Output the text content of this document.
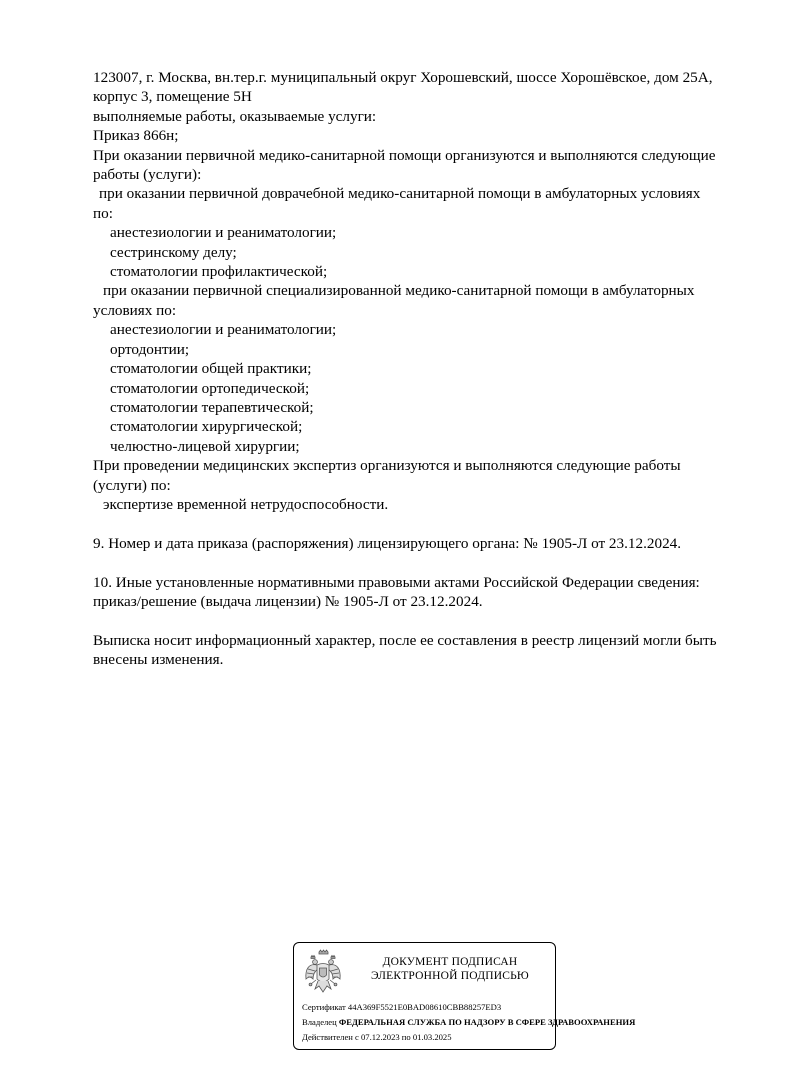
123007, г. Москва, вн.тер.г. муниципальный округ Хорошевский, шоссе Хорошёвское, дом 25А,
корпус 3, помещение 5Н
выполняемые работы, оказываемые услуги:
Приказ 866н;
При оказании первичной медико-санитарной помощи организуются и выполняются следующие
работы (услуги):
при оказании первичной доврачебной медико-санитарной помощи в амбулаторных условиях
по:
анестезиологии и реаниматологии;
сестринскому делу;
стоматологии профилактической;
при оказании первичной специализированной медико-санитарной помощи в амбулаторных
условиях по:
анестезиологии и реаниматологии;
ортодонтии;
стоматологии общей практики;
стоматологии ортопедической;
стоматологии терапевтической;
стоматологии хирургической;
челюстно-лицевой хирургии;
При проведении медицинских экспертиз организуются и выполняются следующие работы
(услуги) по:
экспертизе временной нетрудоспособности.
9. Номер и дата приказа (распоряжения) лицензирующего органа: № 1905-Л от 23.12.2024.
10. Иные установленные нормативными правовыми актами Российской Федерации сведения:
приказ/решение (выдача лицензии) № 1905-Л от 23.12.2024.
Выписка носит информационный характер, после ее составления в реестр лицензий могли быть
внесены изменения.
ДОКУМЕНТ ПОДПИСАН
ЭЛЕКТРОННОЙ ПОДПИСЬЮ
Сертификат 44A369F5521E0BAD08610CBB88257ED3
Владелец ФЕДЕРАЛЬНАЯ СЛУЖБА ПО НАДЗОРУ В СФЕРЕ ЗДРАВООХРАНЕНИЯ
Действителен с 07.12.2023 по 01.03.2025
